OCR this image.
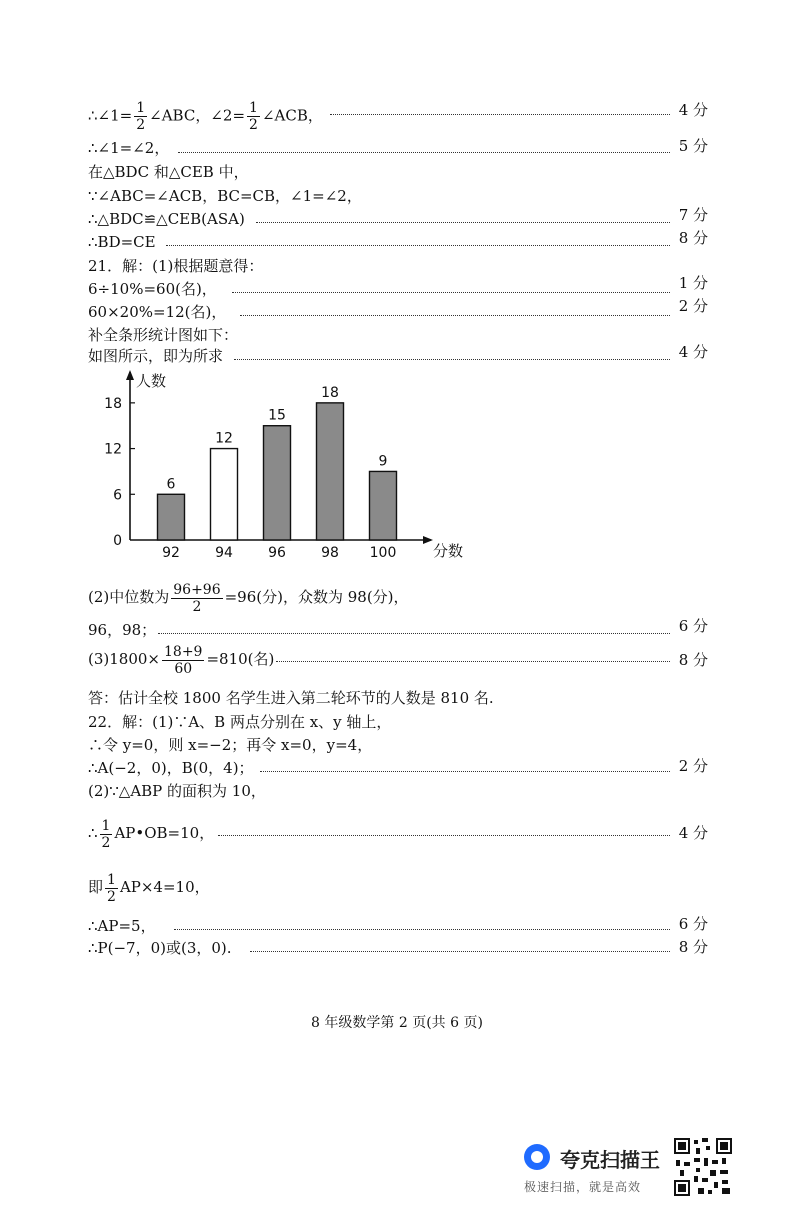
∴∠1= $\frac{1}{2}$ ∠ABC，∠2= $\frac{1}{2}$ ∠ACB，	4 分
∴∠1=∠2，	5 分
在△BDC 和△CEB 中，
∵∠ABC=∠ACB，BC=CB，∠1=∠2，
∴△BDC≌△CEB(ASA)	7 分
∴BD=CE	8 分
21．解：(1)根据题意得：
6÷10%=60(名)，	1 分
60×20%=12(名)，	2 分
补全条形统计图如下：
如图所示，即为所求	4 分
人数
分数
0
6
12
18
6
92
12
94
15
96
18
98
9
100
(2)中位数为 $\frac{96+96}{2} =96$(分)，众数为 98(分)，
96，98；	6 分
$(3)1800\times \frac{18+9}{60} =810$(名)	8 分
答：估计全校 1800 名学生进入第二轮环节的人数是 810 名.
22．解：(1)∵A、B 两点分别在 x、y 轴上，
∴令 y=0，则 x=−2；再令 x=0，y=4，
∴A(−2，0)，B(0，4)；	2 分
(2)∵△ABP 的面积为 10，
∴ $\frac{1}{2}$ AP•OB=10，	4 分
即 $\frac{1}{2} AP\times 4=10$，
∴AP=5，	6 分
∴P(−7，0)或(3，0).	8 分
8 年级数学第 2 页(共 6 页)
夸克扫描王
极速扫描，就是高效
